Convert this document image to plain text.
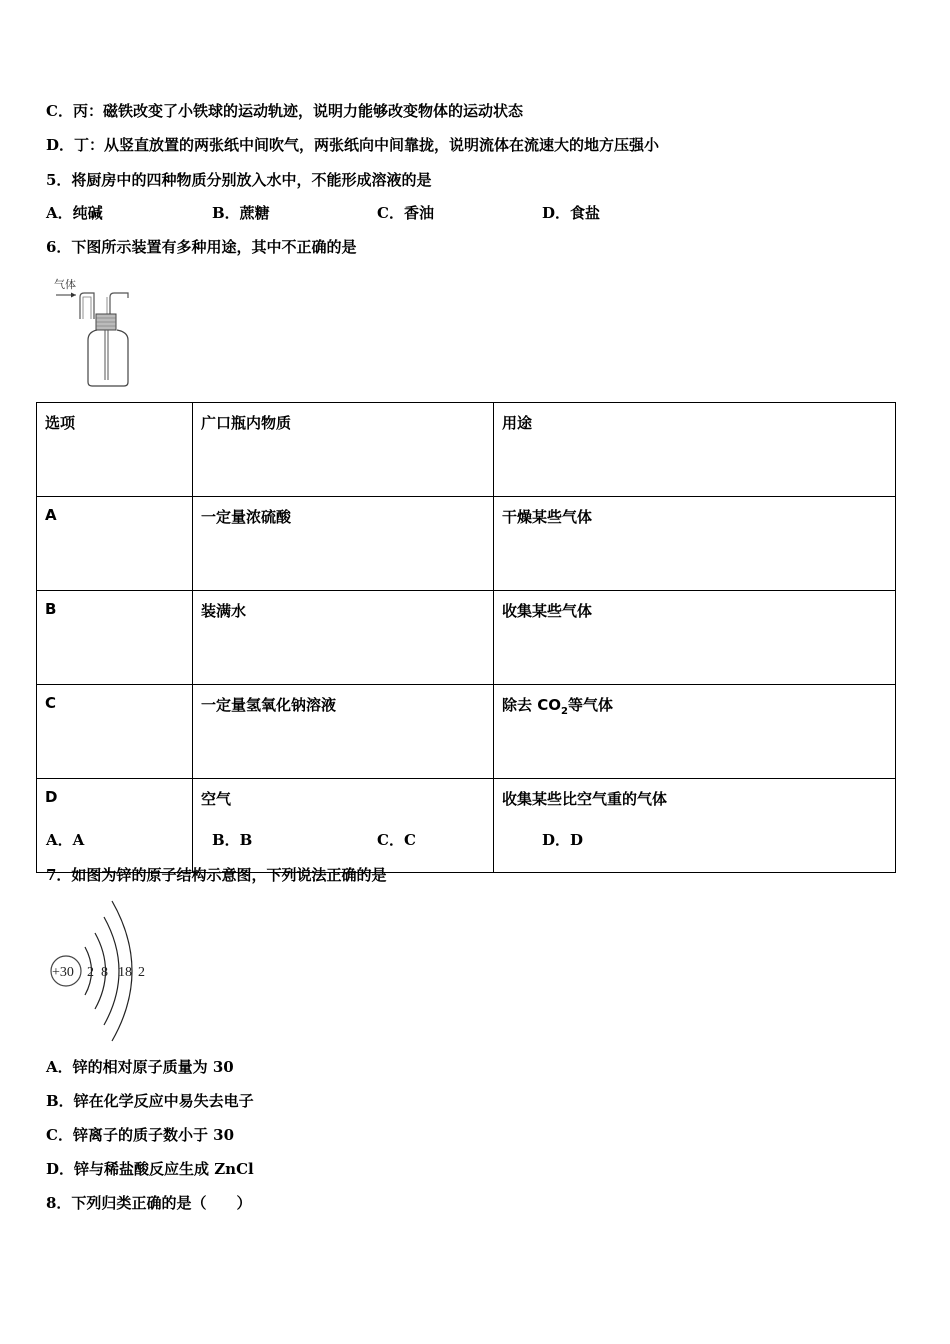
C．丙：磁铁改变了小铁球的运动轨迹，说明力能够改变物体的运动状态
D．丁：从竖直放置的两张纸中间吹气，两张纸向中间靠拢，说明流体在流速大的地方压强小
5．将厨房中的四种物质分别放入水中，不能形成溶液的是
A．纯碱	B．蔗糖	C．香油	D．食盐
6．下图所示装置有多种用途，其中不正确的是
气体
选项	广口瓶内物质	用途
A	一定量浓硫酸	干燥某些气体
B	装满水	收集某些气体
C	一定量氢氧化钠溶液	除去 $CO_2$等气体
D	空气	收集某些比空气重的气体
A．A	B．B	C．C	D．D
7．如图为锌的原子结构示意图，下列说法正确的是
+30 2 8 18 2
A．锌的相对原子质量为 30
B．锌在化学反应中易失去电子
C．锌离子的质子数小于 30
D．锌与稀盐酸反应生成 ZnCl
8．下列归类正确的是（　　）
